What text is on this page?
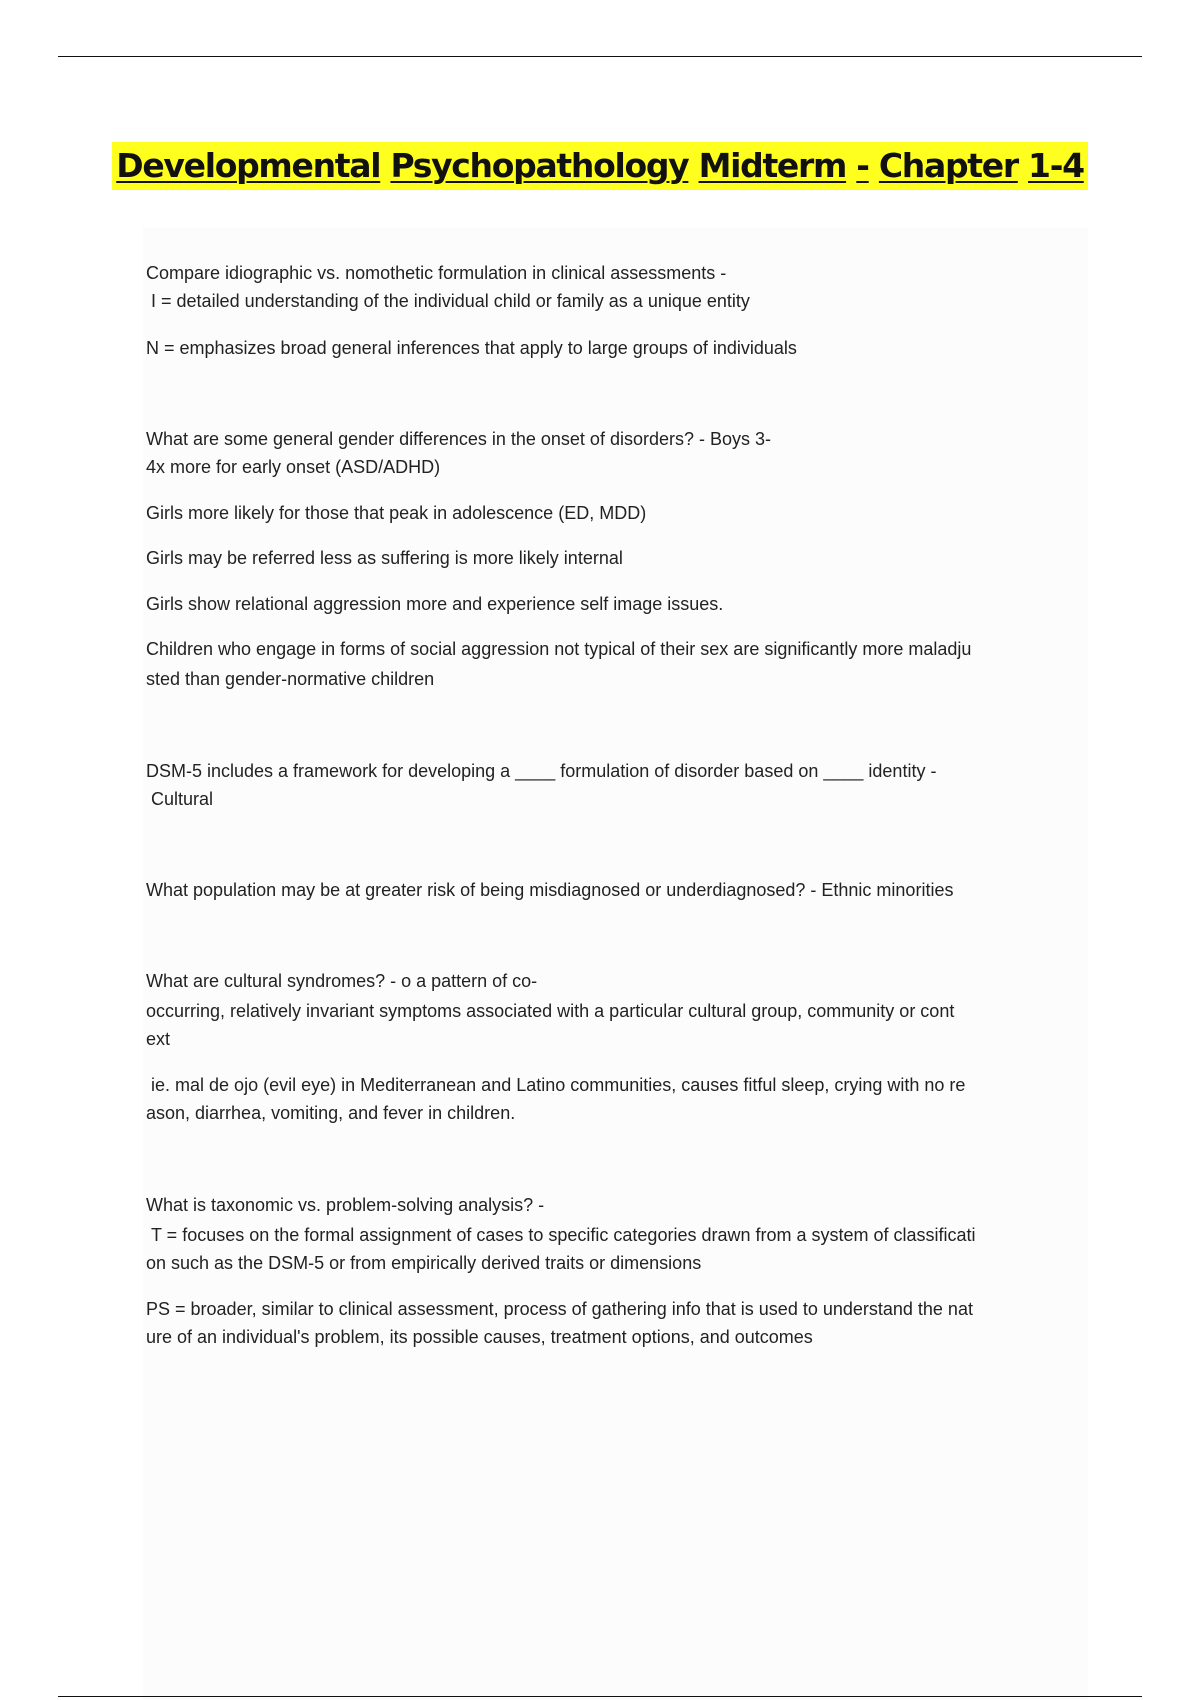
Developmental Psychopathology Midterm - Chapter 1-4
Compare idiographic vs. nomothetic formulation in clinical assessments -
I = detailed understanding of the individual child or family as a unique entity
N = emphasizes broad general inferences that apply to large groups of individuals
What are some general gender differences in the onset of disorders? - Boys 3-
4x more for early onset (ASD/ADHD)
Girls more likely for those that peak in adolescence (ED, MDD)
Girls may be referred less as suffering is more likely internal
Girls show relational aggression more and experience self image issues.
Children who engage in forms of social aggression not typical of their sex are significantly more maladju
sted than gender-normative children
DSM-5 includes a framework for developing a ____ formulation of disorder based on ____ identity -
Cultural
What population may be at greater risk of being misdiagnosed or underdiagnosed? - Ethnic minorities
What are cultural syndromes? - o a pattern of co-
occurring, relatively invariant symptoms associated with a particular cultural group, community or cont
ext
ie. mal de ojo (evil eye) in Mediterranean and Latino communities, causes fitful sleep, crying with no re
ason, diarrhea, vomiting, and fever in children.
What is taxonomic vs. problem-solving analysis? -
T = focuses on the formal assignment of cases to specific categories drawn from a system of classificati
on such as the DSM-5 or from empirically derived traits or dimensions
PS = broader, similar to clinical assessment, process of gathering info that is used to understand the nat
ure of an individual's problem, its possible causes, treatment options, and outcomes
